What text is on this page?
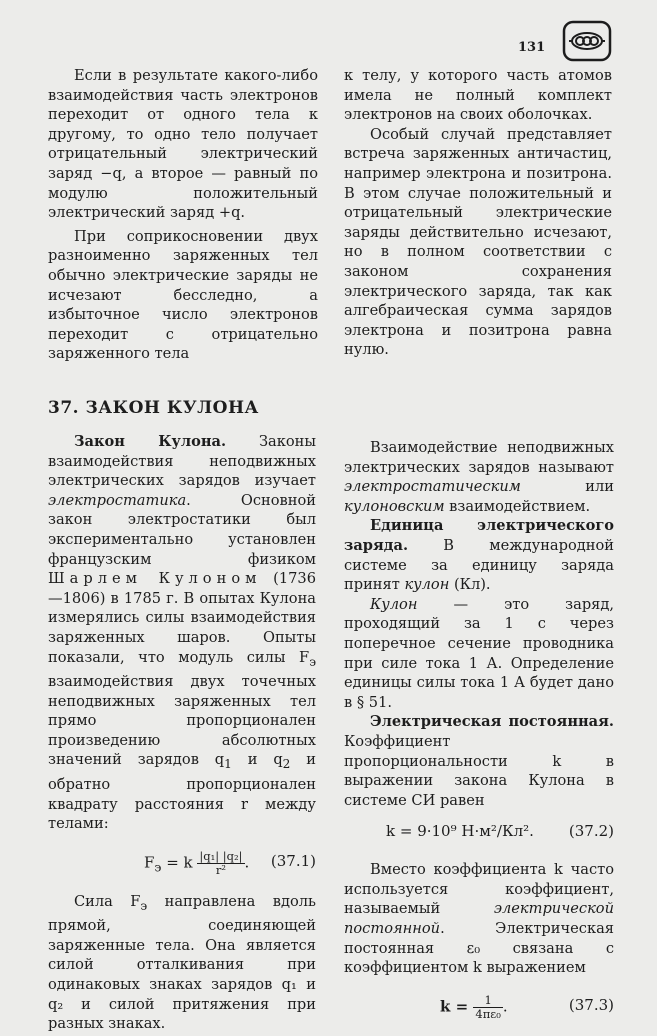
131

Если в результате какого-либо взаимодействия часть электронов переходит от одного тела к другому, то одно тело получает отрицательный электрический заряд −q, а второе — равный по модулю положительный электрический заряд +q.

При соприкосновении двух разноименно заряженных тел обычно электрические заряды не исчезают бесследно, а избыточное число электронов переходит с отрицательно заряженного тела

к телу, у которого часть атомов имела не полный комплект электронов на своих оболочках.

Особый случай представляет встреча заряженных античастиц, например электрона и позитрона. В этом случае положительный и отрицательный электрические заряды действительно исчезают, но в полном соответствии с законом сохранения электрического заряда, так как алгебраическая сумма зарядов электрона и позитрона равна нулю.

37. ЗАКОН КУЛОНА

Закон Кулона. Законы взаимодействия неподвижных электрических зарядов изучает электростатика. Основной закон электростатики был экспериментально установлен французским физиком Шарлем Кулоном (1736—1806) в 1785 г. В опытах Кулона измерялись силы взаимодействия заряженных шаров. Опыты показали, что модуль силы $F_э$ взаимодействия двух точечных неподвижных заряженных тел прямо пропорционален произведению абсолютных значений зарядов $q_1$ и $q_2$ и обратно пропорционален квадрату расстояния r между телами:

$F_э = k \frac{\text{|q₁| |q₂|}}{\text{r²}}$ . (37.1)

Сила $F_э$ направлена вдоль прямой, соединяющей заряженные тела. Она является силой отталкивания при одинаковых знаках зарядов q₁ и q₂ и силой притяжения при разных знаках.

Взаимодействие неподвижных электрических зарядов называют электростатическим или кулоновским взаимодействием.

Единица электрического заряда. В международной системе за единицу заряда принят кулон (Кл).

Кулон — это заряд, проходящий за 1 с через поперечное сечение проводника при силе тока 1 А. Определение единицы силы тока 1 А будет дано в § 51.

Электрическая постоянная. Коэффициент пропорциональности k в выражении закона Кулона в системе СИ равен

k = 9·10⁹ Н·м²/Кл². (37.2)

Вместо коэффициента k часто используется коэффициент, называемый электрической постоянной. Электрическая постоянная ε₀ связана с коэффициентом k выражением

$k = \frac{1}{\text{4πε₀}}$ .	(37.3)
